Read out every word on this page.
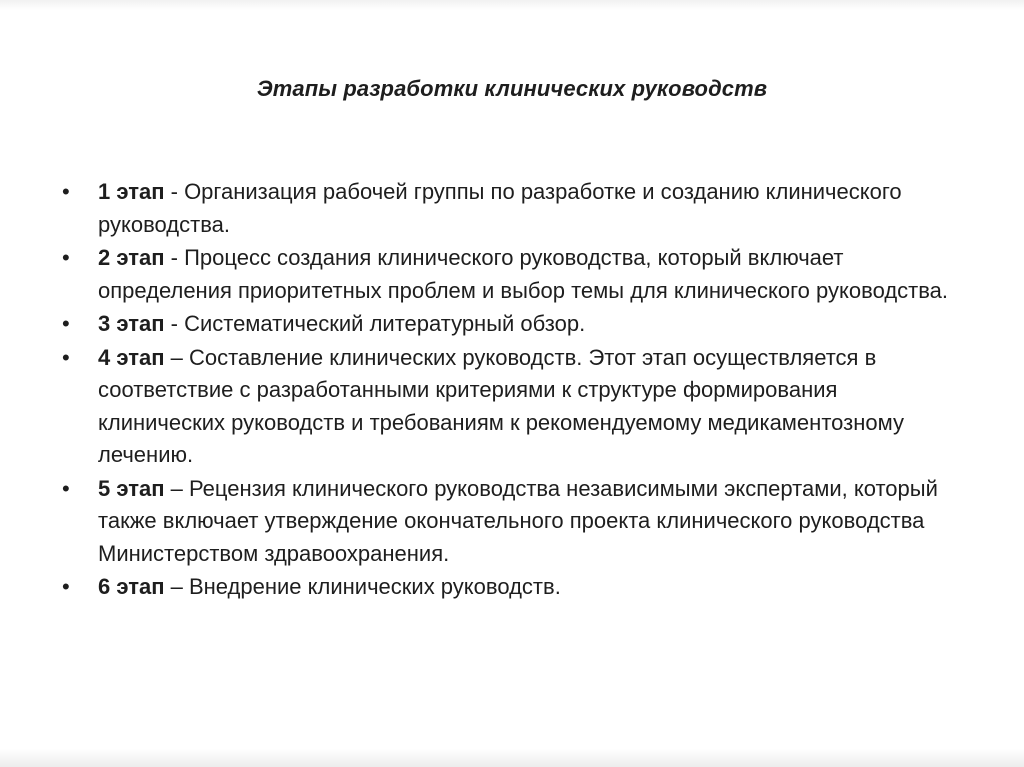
Этапы разработки клинических руководств
• 1 этап - Организация рабочей группы по разработке и созданию клинического руководства.
• 2 этап - Процесс создания клинического руководства, который включает определения приоритетных проблем и выбор темы для клинического руководства.
• 3 этап - Систематический литературный обзор.
• 4 этап – Составление клинических руководств. Этот этап осуществляется в соответствие с разработанными критериями к структуре формирования клинических руководств и требованиям к рекомендуемому медикаментозному лечению.
• 5 этап – Рецензия клинического руководства независимыми экспертами, который также включает утверждение окончательного проекта клинического руководства Министерством здравоохранения.
• 6 этап – Внедрение клинических руководств.
